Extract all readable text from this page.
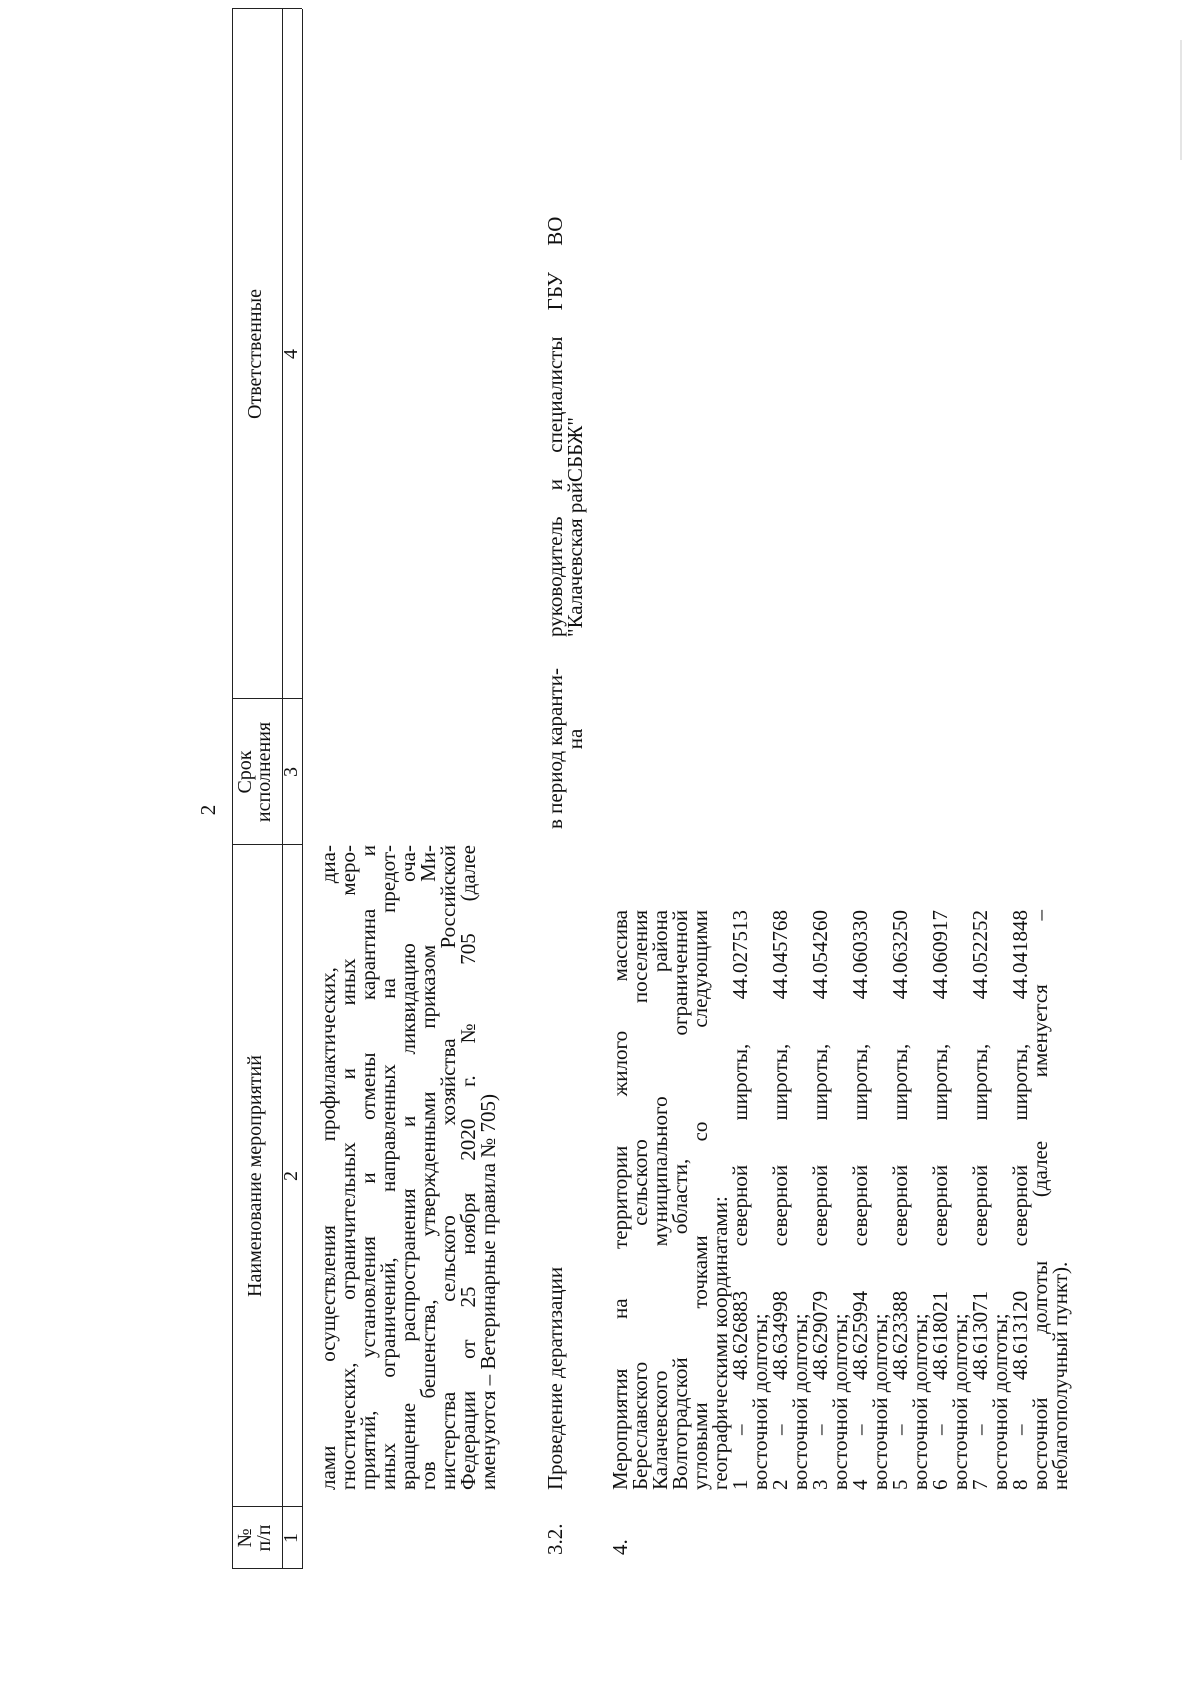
2
№
п/п
Наименование мероприятий
Срок
исполнения
Ответственные
1
2
3
4
лами осуществления профилактических, диа-
гностических, ограничительных и иных меро-
приятий, установления и отмены карантина и
иных ограничений, направленных на предот-
вращение распространения и ликвидацию оча-
гов бешенства, утвержденными приказом Ми-
нистерства сельского хозяйства Российской
Федерации от 25 ноября 2020 г. № 705 (далее
именуются – Ветеринарные правила № 705)
3.2.
Проведение дератизации
в период каранти-
на
руководитель     и     специалисты     ГБУ     ВО
"Калачевская райСББЖ"
4.
Мероприятия на территории жилого массива
Береславского сельского поселения
Калачевского муниципального района
Волгоградской области, ограниченной
угловыми точками со следующими
географическими координатами:
1 – 48.626883 северной широты, 44.027513
восточной долготы;
2 – 48.634998 северной широты, 44.045768
восточной долготы;
3 – 48.629079 северной широты, 44.054260
восточной долготы;
4 – 48.625994 северной широты, 44.060330
восточной долготы;
5 – 48.623388 северной широты, 44.063250
восточной долготы;
6 – 48.618021 северной широты, 44.060917
восточной долготы;
7 – 48.613071 северной широты, 44.052252
восточной долготы;
8 – 48.613120 северной широты, 44.041848
восточной долготы (далее именуется –
неблагополучный пункт).
